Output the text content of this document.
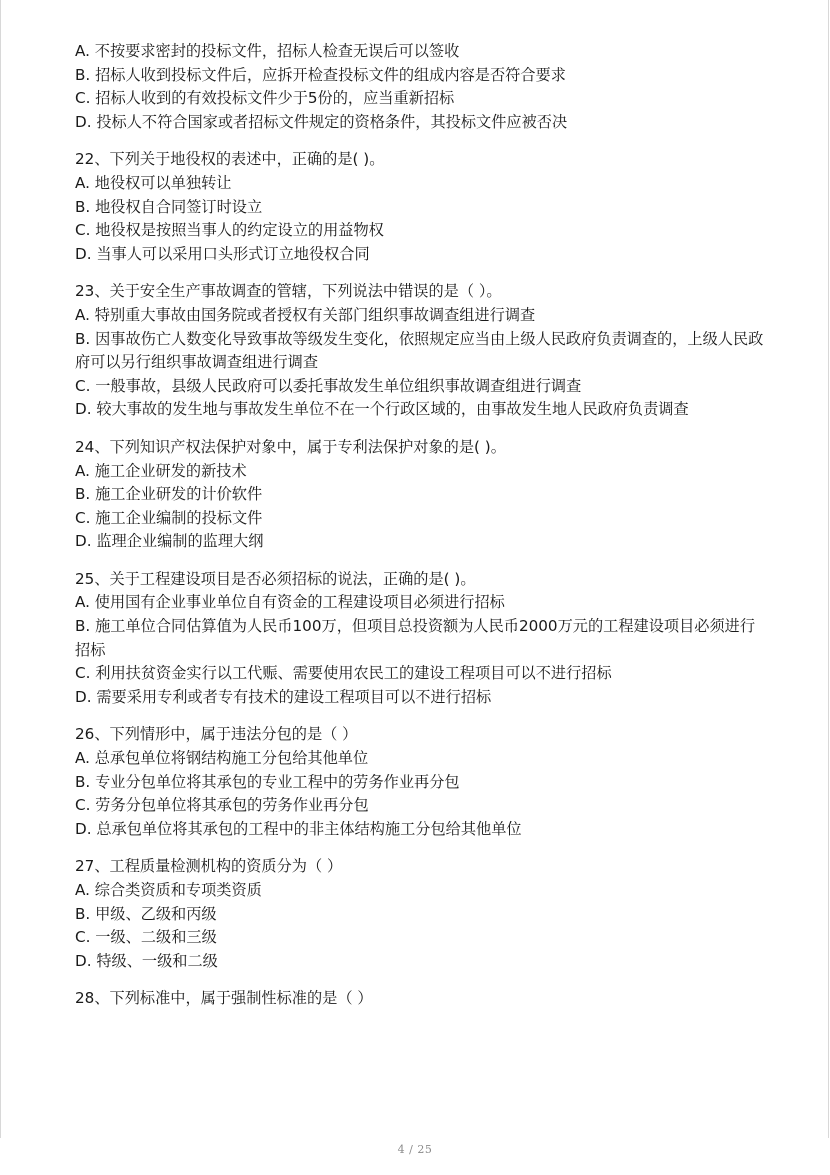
A. 不按要求密封的投标文件，招标人检查无误后可以签收
B. 招标人收到投标文件后，应拆开检查投标文件的组成内容是否符合要求
C. 招标人收到的有效投标文件少于5份的，应当重新招标
D. 投标人不符合国家或者招标文件规定的资格条件，其投标文件应被否决
22、下列关于地役权的表述中，正确的是( )。
A. 地役权可以单独转让
B. 地役权自合同签订时设立
C. 地役权是按照当事人的约定设立的用益物权
D. 当事人可以采用口头形式订立地役权合同
23、关于安全生产事故调查的管辖，下列说法中错误的是（ ）。
A. 特别重大事故由国务院或者授权有关部门组织事故调查组进行调查
B. 因事故伤亡人数变化导致事故等级发生变化，依照规定应当由上级人民政府负责调查的，上级人民政府可以另行组织事故调查组进行调查
C. 一般事故，县级人民政府可以委托事故发生单位组织事故调查组进行调查
D. 较大事故的发生地与事故发生单位不在一个行政区域的，由事故发生地人民政府负责调查
24、下列知识产权法保护对象中，属于专利法保护对象的是( )。
A. 施工企业研发的新技术
B. 施工企业研发的计价软件
C. 施工企业编制的投标文件
D. 监理企业编制的监理大纲
25、关于工程建设项目是否必须招标的说法，正确的是( )。
A. 使用国有企业事业单位自有资金的工程建设项目必须进行招标
B. 施工单位合同估算值为人民币100万，但项目总投资额为人民币2000万元的工程建设项目必须进行招标
C. 利用扶贫资金实行以工代赈、需要使用农民工的建设工程项目可以不进行招标
D. 需要采用专利或者专有技术的建设工程项目可以不进行招标
26、下列情形中，属于违法分包的是（ ）
A. 总承包单位将钢结构施工分包给其他单位
B. 专业分包单位将其承包的专业工程中的劳务作业再分包
C. 劳务分包单位将其承包的劳务作业再分包
D. 总承包单位将其承包的工程中的非主体结构施工分包给其他单位
27、工程质量检测机构的资质分为（ ）
A. 综合类资质和专项类资质
B. 甲级、乙级和丙级
C. 一级、二级和三级
D. 特级、一级和二级
28、下列标准中，属于强制性标准的是（ ）
4 / 25
